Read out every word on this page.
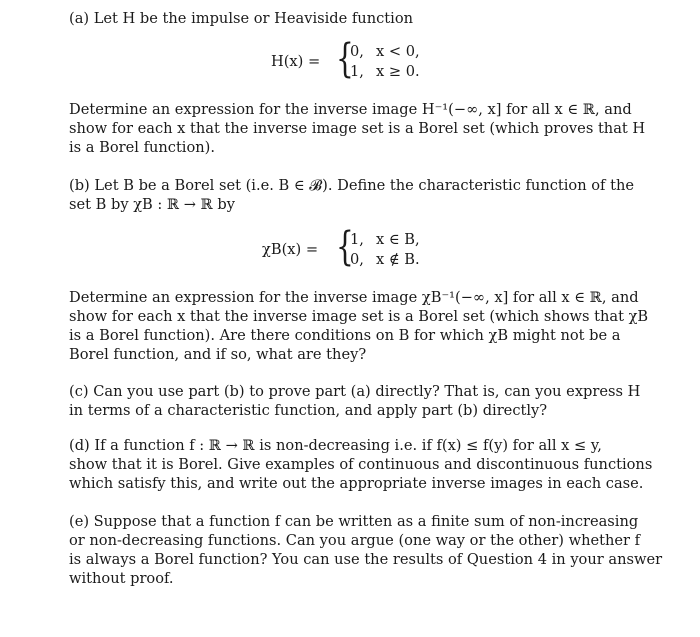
(a) Let H be the impulse or Heaviside function
H(x) = {
0, x < 0,
1, x ≥ 0.
Determine an expression for the inverse image H⁻¹(−∞, x] for all x ∈ ℝ, and
show for each x that the inverse image set is a Borel set (which proves that H
is a Borel function).
(b) Let B be a Borel set (i.e. B ∈ 𝓑). Define the characteristic function of the
set B by χB : ℝ → ℝ by
χB(x) = {
1, x ∈ B,
0, x ∉ B.
Determine an expression for the inverse image χB⁻¹(−∞, x] for all x ∈ ℝ, and
show for each x that the inverse image set is a Borel set (which shows that χB
is a Borel function). Are there conditions on B for which χB might not be a
Borel function, and if so, what are they?
(c) Can you use part (b) to prove part (a) directly? That is, can you express H
in terms of a characteristic function, and apply part (b) directly?
(d) If a function f : ℝ → ℝ is non-decreasing i.e. if f(x) ≤ f(y) for all x ≤ y,
show that it is Borel. Give examples of continuous and discontinuous functions
which satisfy this, and write out the appropriate inverse images in each case.
(e) Suppose that a function f can be written as a finite sum of non-increasing
or non-decreasing functions. Can you argue (one way or the other) whether f
is always a Borel function? You can use the results of Question 4 in your answer
without proof.
